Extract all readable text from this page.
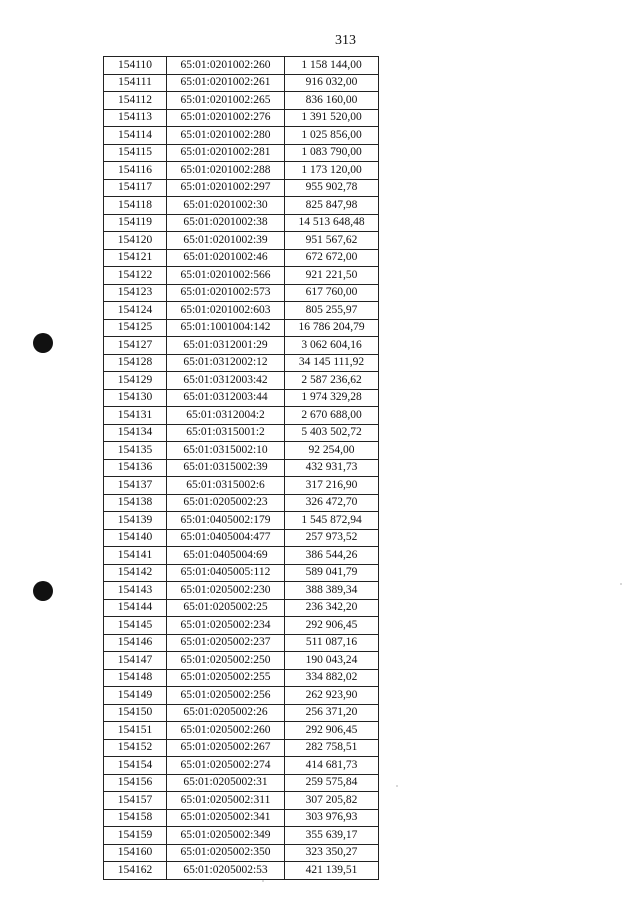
313
154110	65:01:0201002:260	1 158 144,00
154111	65:01:0201002:261	916 032,00
154112	65:01:0201002:265	836 160,00
154113	65:01:0201002:276	1 391 520,00
154114	65:01:0201002:280	1 025 856,00
154115	65:01:0201002:281	1 083 790,00
154116	65:01:0201002:288	1 173 120,00
154117	65:01:0201002:297	955 902,78
154118	65:01:0201002:30	825 847,98
154119	65:01:0201002:38	14 513 648,48
154120	65:01:0201002:39	951 567,62
154121	65:01:0201002:46	672 672,00
154122	65:01:0201002:566	921 221,50
154123	65:01:0201002:573	617 760,00
154124	65:01:0201002:603	805 255,97
154125	65:01:1001004:142	16 786 204,79
154127	65:01:0312001:29	3 062 604,16
154128	65:01:0312002:12	34 145 111,92
154129	65:01:0312003:42	2 587 236,62
154130	65:01:0312003:44	1 974 329,28
154131	65:01:0312004:2	2 670 688,00
154134	65:01:0315001:2	5 403 502,72
154135	65:01:0315002:10	92 254,00
154136	65:01:0315002:39	432 931,73
154137	65:01:0315002:6	317 216,90
154138	65:01:0205002:23	326 472,70
154139	65:01:0405002:179	1 545 872,94
154140	65:01:0405004:477	257 973,52
154141	65:01:0405004:69	386 544,26
154142	65:01:0405005:112	589 041,79
154143	65:01:0205002:230	388 389,34
154144	65:01:0205002:25	236 342,20
154145	65:01:0205002:234	292 906,45
154146	65:01:0205002:237	511 087,16
154147	65:01:0205002:250	190 043,24
154148	65:01:0205002:255	334 882,02
154149	65:01:0205002:256	262 923,90
154150	65:01:0205002:26	256 371,20
154151	65:01:0205002:260	292 906,45
154152	65:01:0205002:267	282 758,51
154154	65:01:0205002:274	414 681,73
154156	65:01:0205002:31	259 575,84
154157	65:01:0205002:311	307 205,82
154158	65:01:0205002:341	303 976,93
154159	65:01:0205002:349	355 639,17
154160	65:01:0205002:350	323 350,27
154162	65:01:0205002:53	421 139,51
